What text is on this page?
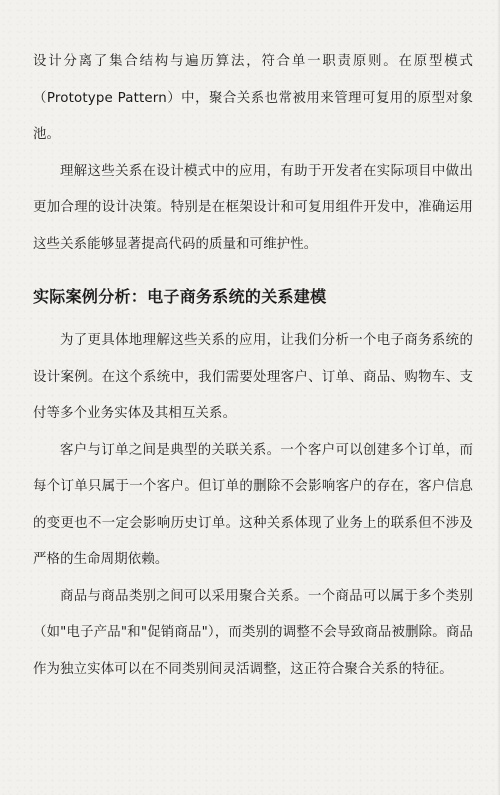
设计分离了集合结构与遍历算法，符合单一职责原则。在原型模式（Prototype Pattern）中，聚合关系也常被用来管理可复用的原型对象池。

理解这些关系在设计模式中的应用，有助于开发者在实际项目中做出更加合理的设计决策。特别是在框架设计和可复用组件开发中，准确运用这些关系能够显著提高代码的质量和可维护性。

实际案例分析：电子商务系统的关系建模

为了更具体地理解这些关系的应用，让我们分析一个电子商务系统的设计案例。在这个系统中，我们需要处理客户、订单、商品、购物车、支付等多个业务实体及其相互关系。

客户与订单之间是典型的关联关系。一个客户可以创建多个订单，而每个订单只属于一个客户。但订单的删除不会影响客户的存在，客户信息的变更也不一定会影响历史订单。这种关系体现了业务上的联系但不涉及严格的生命周期依赖。

商品与商品类别之间可以采用聚合关系。一个商品可以属于多个类别（如"电子产品"和"促销商品"），而类别的调整不会导致商品被删除。商品作为独立实体可以在不同类别间灵活调整，这正符合聚合关系的特征。
